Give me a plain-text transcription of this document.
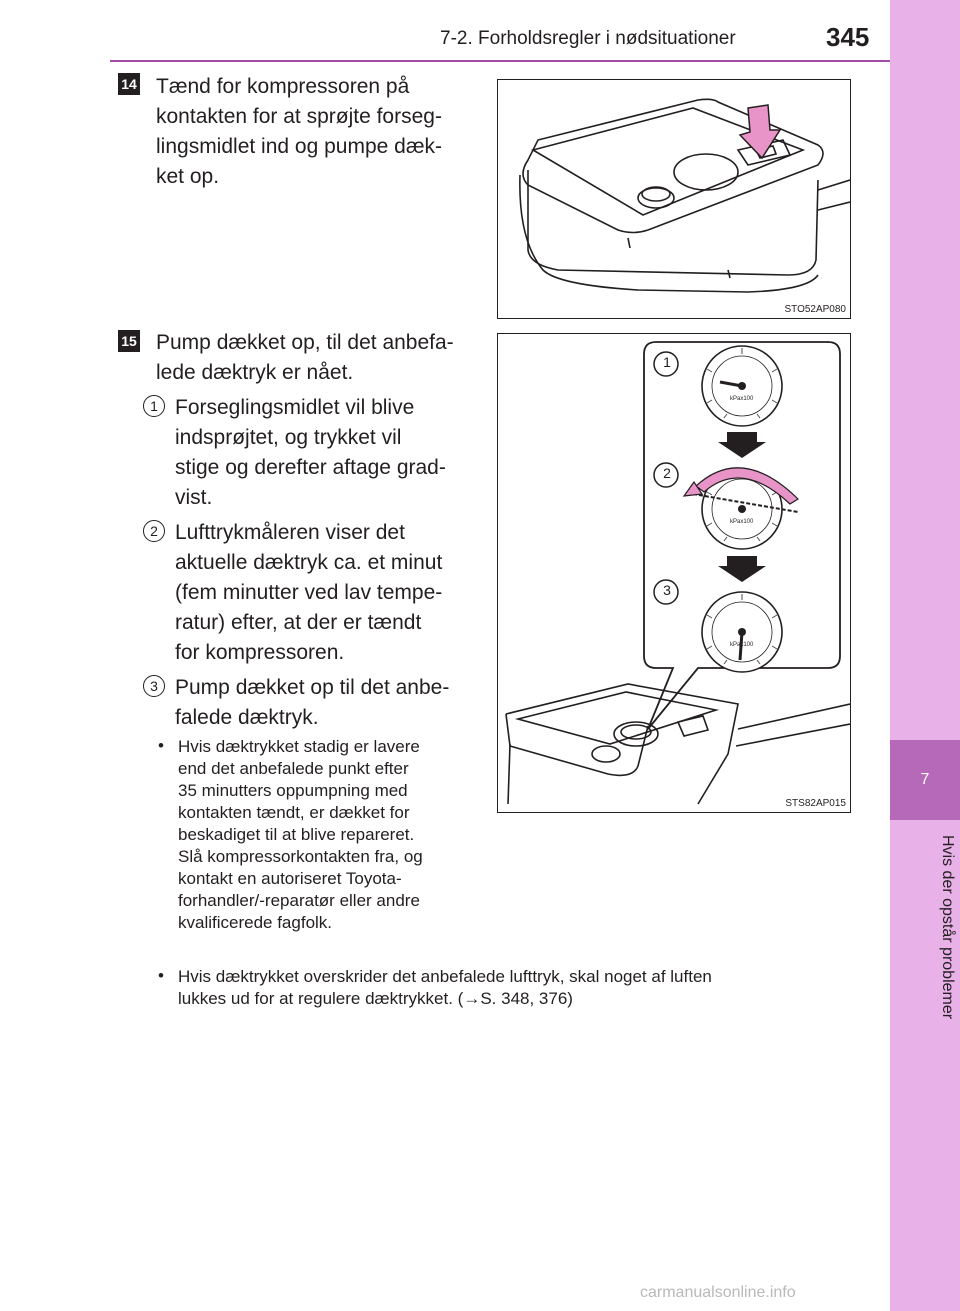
7
Hvis der opstår problemer
7-2. Forholdsregler i nødsituationer	345
14 Tænd for kompressoren på
kontakten for at sprøjte forseg-
lingsmidlet ind og pumpe dæk-
ket op.
STO52AP080
15 Pump dækket op, til det anbefa-
lede dæktryk er nået.
1 Forseglingsmidlet vil blive
indsprøjtet, og trykket vil
stige og derefter aftage grad-
vist.
2 Lufttrykmåleren viser det
aktuelle dæktryk ca. et minut
(fem minutter ved lav tempe-
ratur) efter, at der er tændt
for kompressoren.
3 Pump dækket op til det anbe-
falede dæktryk.
• Hvis dæktrykket stadig er lavere
end det anbefalede punkt efter
35 minutters oppumpning med
kontakten tændt, er dækket for
beskadiget til at blive repareret.
Slå kompressorkontakten fra, og
kontakt en autoriseret Toyota-
forhandler/-reparatør eller andre
kvalificerede fagfolk.
• Hvis dæktrykket overskrider det anbefalede lufttryk, skal noget af luften
lukkes ud for at regulere dæktrykket. (→S. 348, 376)
1
2
3
kPax100
kPax100
kPax100
STS82AP015
carmanualsonline.info
